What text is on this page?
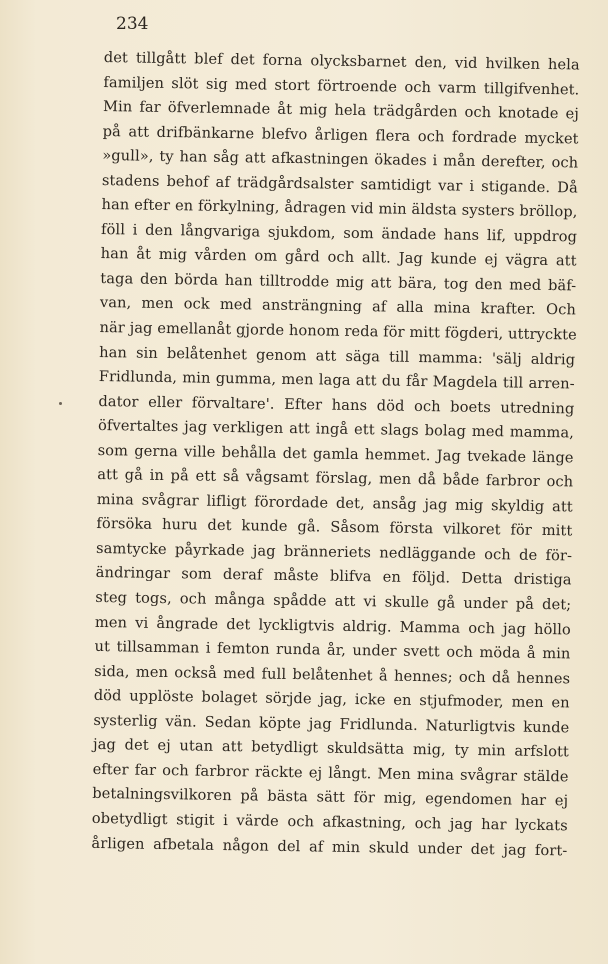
234
det tillgått blef det forna olycksbarnet den, vid hvilken hela
familjen slöt sig med stort förtroende och varm tillgifvenhet.
Min far öfverlemnade åt mig hela trädgården och knotade ej
på att drifbänkarne blefvo årligen flera och fordrade mycket
»gull», ty han såg att afkastningen ökades i mån derefter, och
stadens behof af trädgårdsalster samtidigt var i stigande. Då
han efter en förkylning, ådragen vid min äldsta systers bröllop,
föll i den långvariga sjukdom, som ändade hans lif, uppdrog
han åt mig vården om gård och allt. Jag kunde ej vägra att
taga den börda han tilltrodde mig att bära, tog den med bäf-
van, men ock med ansträngning af alla mina krafter. Och
när jag emellanåt gjorde honom reda för mitt fögderi, uttryckte
han sin belåtenhet genom att säga till mamma: 'sälj aldrig
Fridlunda, min gumma, men laga att du får Magdela till arren-
dator eller förvaltare'. Efter hans död och boets utredning
öfvertaltes jag verkligen att ingå ett slags bolag med mamma,
som gerna ville behålla det gamla hemmet. Jag tvekade länge
att gå in på ett så vågsamt förslag, men då både farbror och
mina svågrar lifligt förordade det, ansåg jag mig skyldig att
försöka huru det kunde gå. Såsom första vilkoret för mitt
samtycke påyrkade jag bränneriets nedläggande och de för-
ändringar som deraf måste blifva en följd. Detta dristiga
steg togs, och många spådde att vi skulle gå under på det;
men vi ångrade det lyckligtvis aldrig. Mamma och jag höllo
ut tillsamman i femton runda år, under svett och möda å min
sida, men också med full belåtenhet å hennes; och då hennes
död upplöste bolaget sörjde jag, icke en stjufmoder, men en
systerlig vän. Sedan köpte jag Fridlunda. Naturligtvis kunde
jag det ej utan att betydligt skuldsätta mig, ty min arfslott
efter far och farbror räckte ej långt. Men mina svågrar stälde
betalningsvilkoren på bästa sätt för mig, egendomen har ej
obetydligt stigit i värde och afkastning, och jag har lyckats
årligen afbetala någon del af min skuld under det jag fort-
